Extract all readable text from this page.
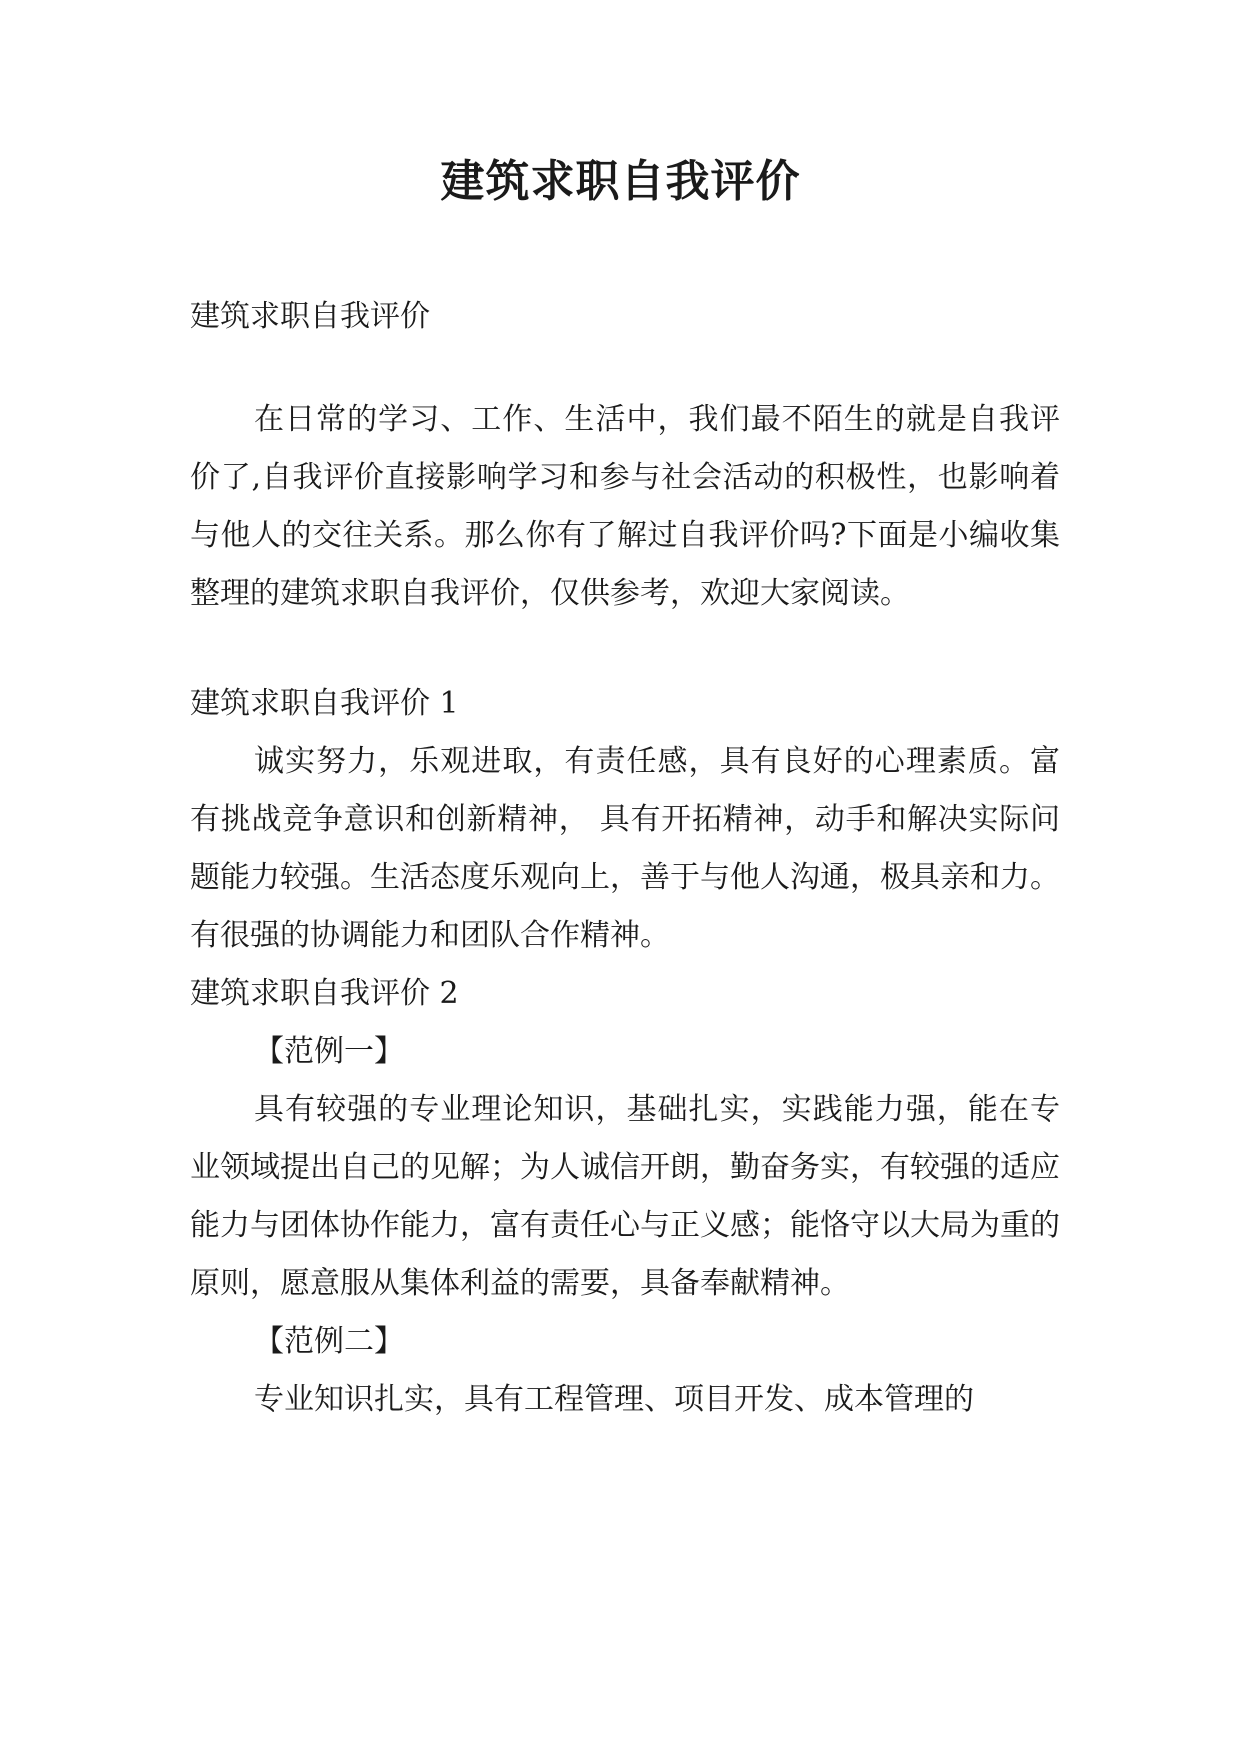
建筑求职自我评价

建筑求职自我评价

在日常的学习、工作、生活中，我们最不陌生的就是自我评价了,自我评价直接影响学习和参与社会活动的积极性，也影响着与他人的交往关系。那么你有了解过自我评价吗?下面是小编收集整理的建筑求职自我评价，仅供参考，欢迎大家阅读。

建筑求职自我评价 1

诚实努力，乐观进取，有责任感，具有良好的心理素质。富有挑战竞争意识和创新精神， 具有开拓精神，动手和解决实际问题能力较强。生活态度乐观向上，善于与他人沟通，极具亲和力。有很强的协调能力和团队合作精神。

建筑求职自我评价 2

【范例一】

具有较强的专业理论知识，基础扎实，实践能力强，能在专业领域提出自己的见解；为人诚信开朗，勤奋务实，有较强的适应能力与团体协作能力，富有责任心与正义感；能恪守以大局为重的原则，愿意服从集体利益的需要，具备奉献精神。

【范例二】

专业知识扎实，具有工程管理、项目开发、成本管理的
